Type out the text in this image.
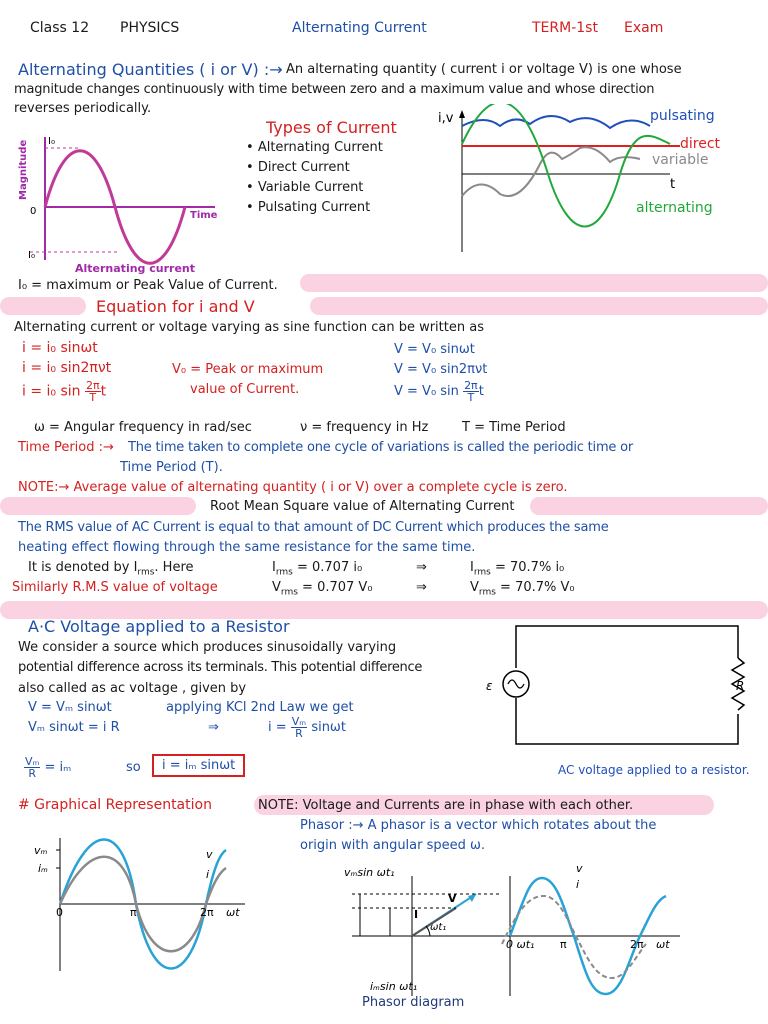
Class 12 PHYSICS	Alternating Current	TERM-1st Exam
Alternating Quantities ( i or V) :→ An alternating quantity ( current i or voltage V) is one whose
magnitude changes continuously with time between zero and a maximum value and whose direction
reverses periodically.
Magnitude I₀
0
I₀
Time
Alternating current
Types of Current
• Alternating Current
• Direct Current
• Variable Current
• Pulsating Current
i,v
t
pulsating
direct
variable
alternating
I₀ = maximum or Peak Value of Current.
Equation for i and V
Alternating current or voltage varying as sine function can be written as
i = i₀ sinωt
i = i₀ sin2πνt
i = i₀ $\sin \frac{2\pi}{T}$ t
V₀ = Peak or maximum
value of Current.
V = V₀ sinωt
V = V₀ sin2πνt
V = V₀ $\sin \frac{2\pi}{T}$ t
ω = Angular frequency in rad/sec	ν = frequency in Hz	T = Time Period
Time Period :→ The time taken to complete one cycle of variations is called the periodic time or
Time Period (T).
NOTE:→ Average value of alternating quantity ( i or V) over a complete cycle is zero.
Root Mean Square value of Alternating Current
The RMS value of AC Current is equal to that amount of DC Current which produces the same
heating effect flowing through the same resistance for the same time.
It is denoted by $I_{rms}$. Here	$I_{rms} = 0.707$ i₀	⇒	$I_{rms} = 70.7\%$ i₀
Similarly R.M.S value of voltage	$V_{rms} = 0.707$ V₀	⇒	$V_{rms} = 70.7\%$ V₀
A·C Voltage applied to a Resistor
We consider a source which produces sinusoidally varying
potential difference across its terminals. This potential difference
also called as ac voltage , given by
V = Vₘ sinωt	applying KCl 2nd Law we get
Vₘ sinωt = i R	⇒	$i = \frac{\text{Vₘ}}{R}$ sinωt
$\frac{\text{Vₘ}}{R} = i_m$	so	i = iₘ sinωt
ε	R
AC voltage applied to a resistor.
# Graphical Representation	NOTE: Voltage and Currents are in phase with each other.
Phasor :→ A phasor is a vector which rotates about the
origin with angular speed ω.
vₘ
iₘ
0	π	2π ωt
v
i	vₘsin ωt₁
iₘsin ωt₁
V
I
ωt₁
0 ωt₁ π	2π ωt
v
i
Phasor diagram
